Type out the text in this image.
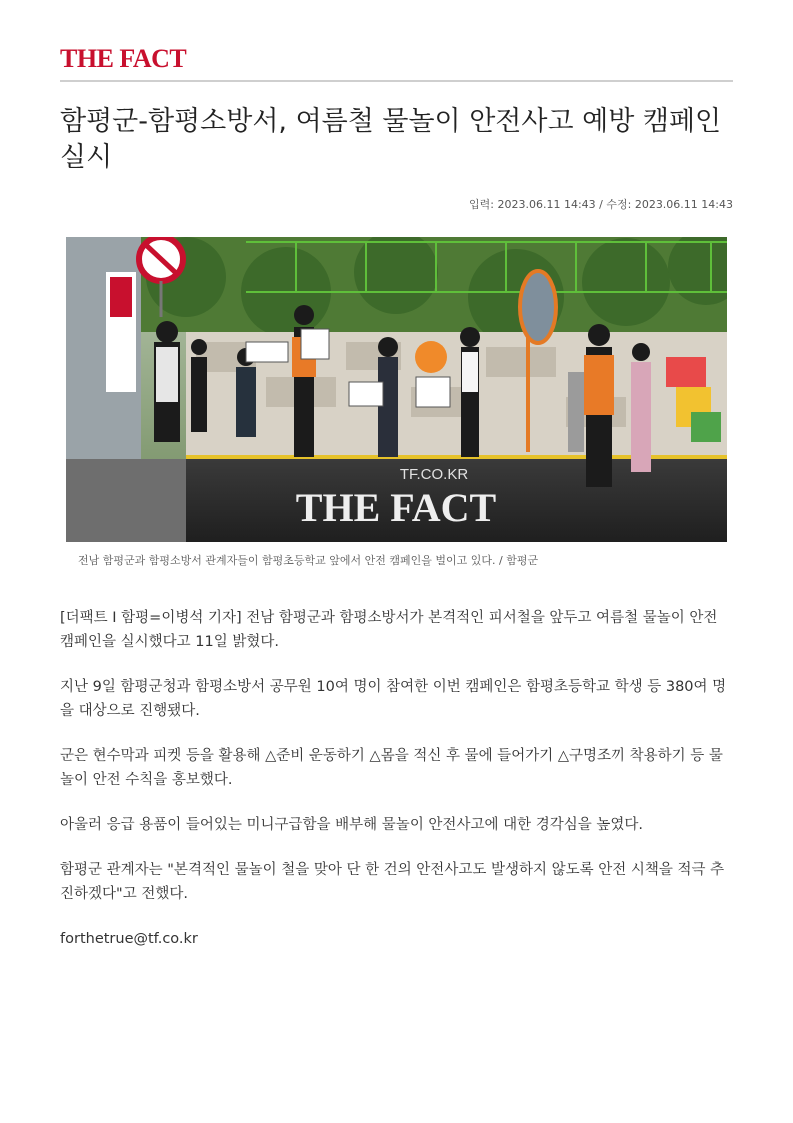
THE FACT
함평군-함평소방서, 여름철 물놀이 안전사고 예방 캠페인 실시
입력: 2023.06.11 14:43 / 수정: 2023.06.11 14:43
TF.CO.KR
THE FACT
전남 함평군과 함평소방서 관계자들이 함평초등학교 앞에서 안전 캠페인을 벌이고 있다. / 함평군

[더팩트 I 함평=이병석 기자] 전남 함평군과 함평소방서가 본격적인 피서철을 앞두고 여름철 물놀이 안전 캠페인을 실시했다고 11일 밝혔다.

지난 9일 함평군청과 함평소방서 공무원 10여 명이 참여한 이번 캠페인은 함평초등학교 학생 등 380여 명을 대상으로 진행됐다.

군은 현수막과 피켓 등을 활용해 △준비 운동하기 △몸을 적신 후 물에 들어가기 △구명조끼 착용하기 등 물놀이 안전 수칙을 홍보했다.

아울러 응급 용품이 들어있는 미니구급함을 배부해 물놀이 안전사고에 대한 경각심을 높였다.

함평군 관계자는 "본격적인 물놀이 철을 맞아 단 한 건의 안전사고도 발생하지 않도록 안전 시책을 적극 추진하겠다"고 전했다.

forthetrue@tf.co.kr
